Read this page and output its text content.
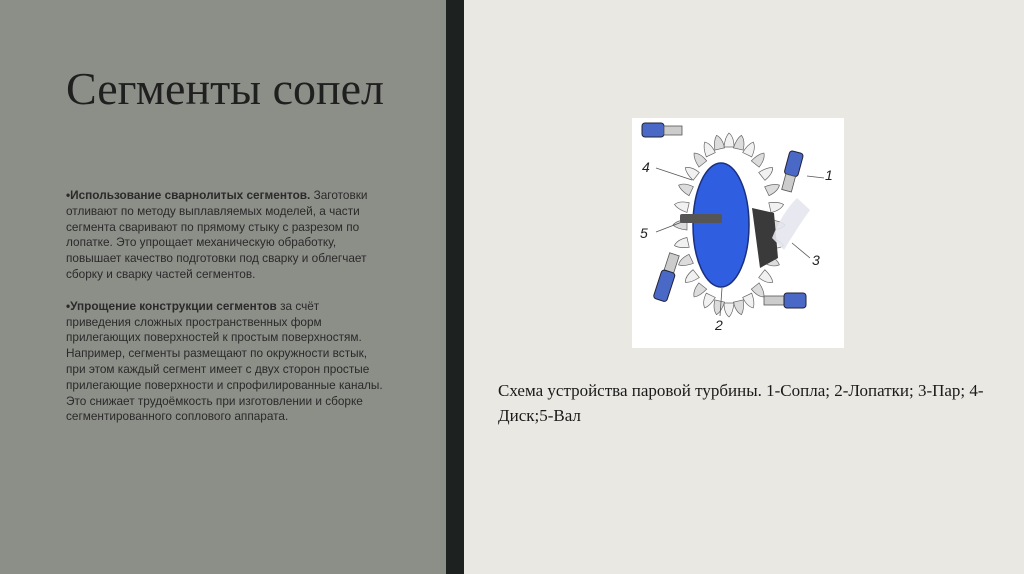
Сегменты сопел

•Использование сварнолитых сегментов. Заготовки отливают по методу выплавляемых моделей, а части сегмента сваривают по прямому стыку с разрезом по лопатке. Это упрощает механическую обработку, повышает качество подготовки под сварку и облегчает сборку и сварку частей сегментов.

•Упрощение конструкции сегментов за счёт приведения сложных пространственных форм прилегающих поверхностей к простым поверхностям. Например, сегменты размещают по окружности встык, при этом каждый сегмент имеет с двух сторон простые прилегающие поверхности и спрофилированные каналы. Это снижает трудоёмкость при изготовлении и сборке сегментированного соплового аппарата.

1
2
3
4
5
Схема устройства паровой турбины. 1-Сопла; 2-Лопатки; 3-Пар; 4-Диск;5-Вал
